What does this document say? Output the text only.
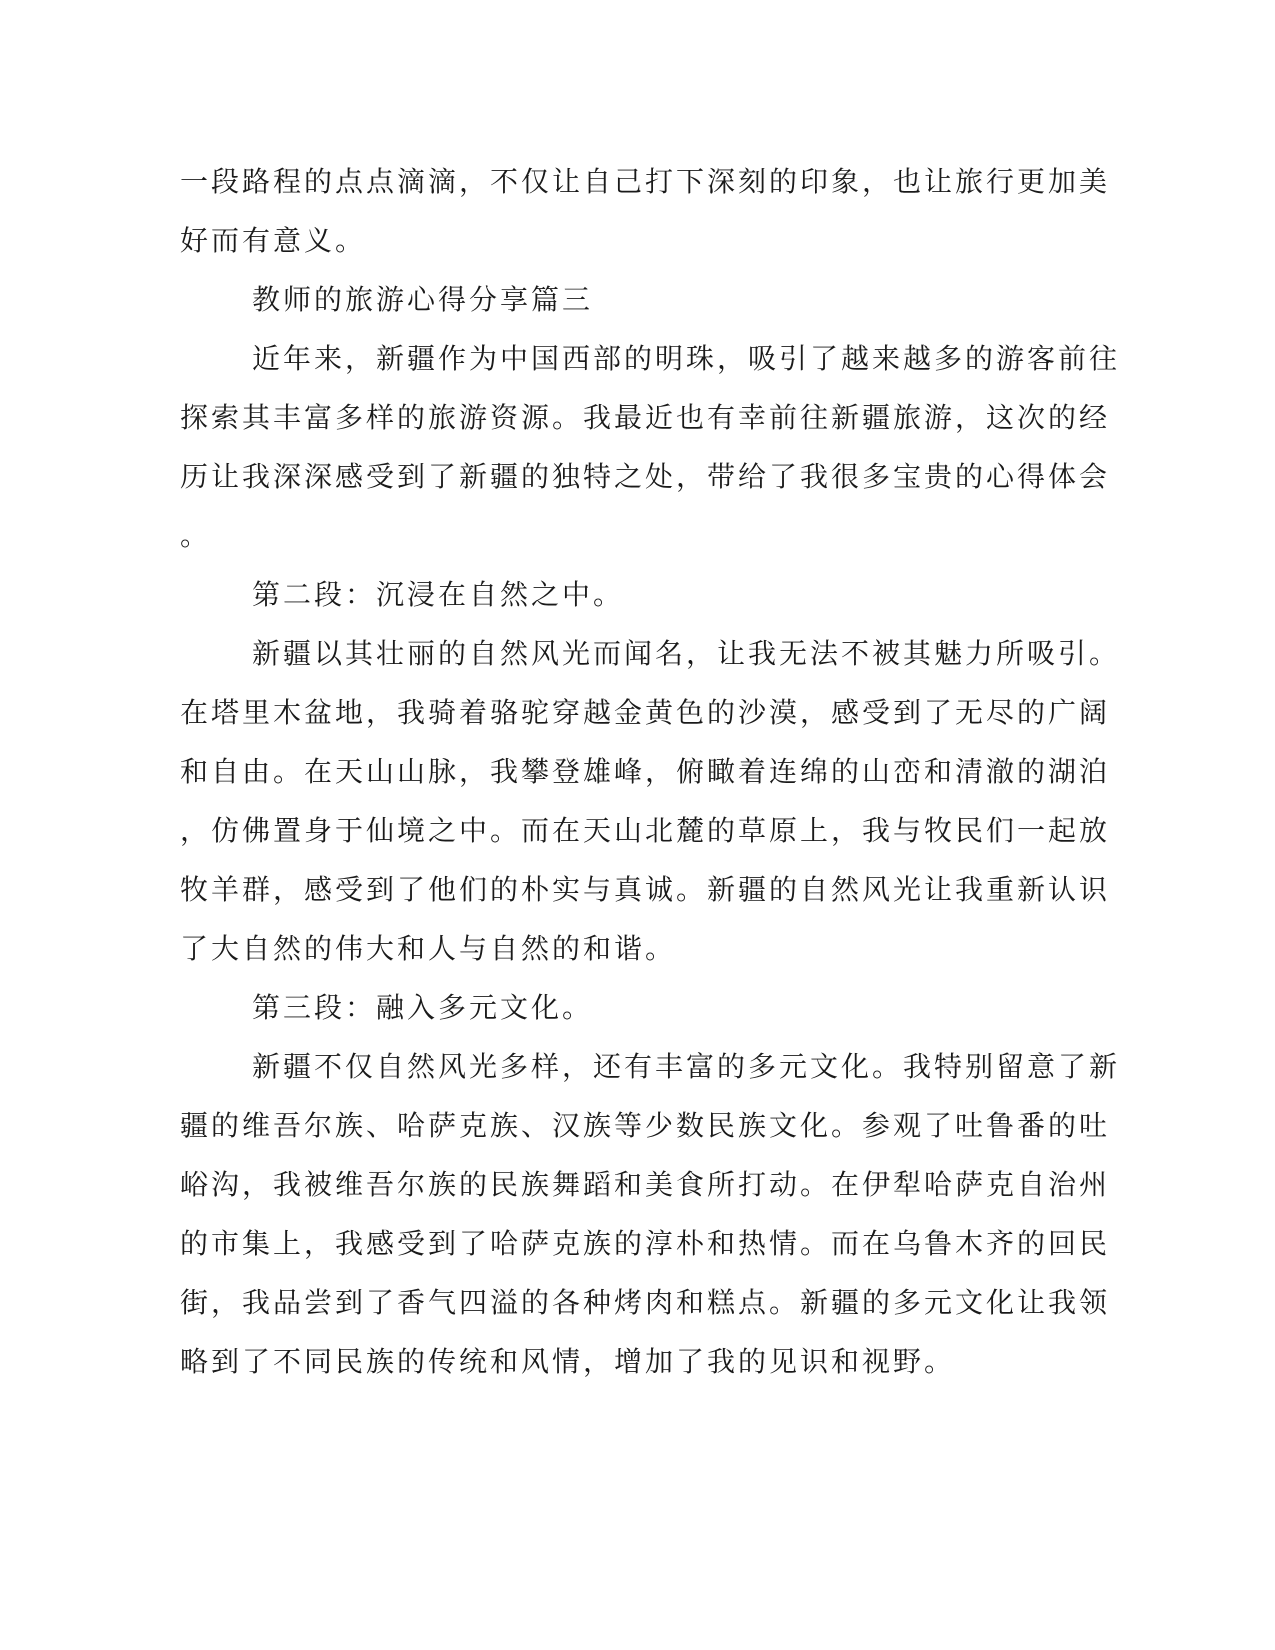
一段路程的点点滴滴，不仅让自己打下深刻的印象，也让旅行更加美
好而有意义。
教师的旅游心得分享篇三
近年来，新疆作为中国西部的明珠，吸引了越来越多的游客前往
探索其丰富多样的旅游资源。我最近也有幸前往新疆旅游，这次的经
历让我深深感受到了新疆的独特之处，带给了我很多宝贵的心得体会
。
第二段：沉浸在自然之中。
新疆以其壮丽的自然风光而闻名，让我无法不被其魅力所吸引。
在塔里木盆地，我骑着骆驼穿越金黄色的沙漠，感受到了无尽的广阔
和自由。在天山山脉，我攀登雄峰，俯瞰着连绵的山峦和清澈的湖泊
，仿佛置身于仙境之中。而在天山北麓的草原上，我与牧民们一起放
牧羊群，感受到了他们的朴实与真诚。新疆的自然风光让我重新认识
了大自然的伟大和人与自然的和谐。
第三段：融入多元文化。
新疆不仅自然风光多样，还有丰富的多元文化。我特别留意了新
疆的维吾尔族、哈萨克族、汉族等少数民族文化。参观了吐鲁番的吐
峪沟，我被维吾尔族的民族舞蹈和美食所打动。在伊犁哈萨克自治州
的市集上，我感受到了哈萨克族的淳朴和热情。而在乌鲁木齐的回民
街，我品尝到了香气四溢的各种烤肉和糕点。新疆的多元文化让我领
略到了不同民族的传统和风情，增加了我的见识和视野。
